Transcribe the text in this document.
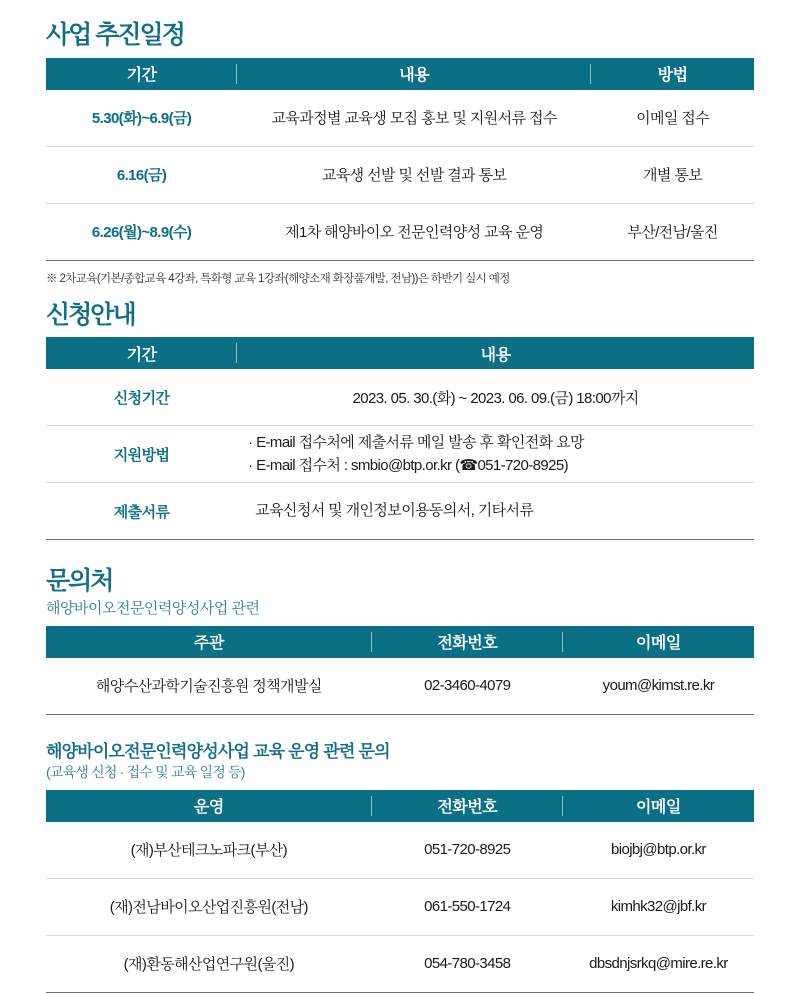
사업 추진일정
기간	내용	방법
5.30(화)~6.9(금)	교육과정별 교육생 모집 홍보 및 지원서류 접수	이메일 접수
6.16(금)	교육생 선발 및 선발 결과 통보	개별 통보
6.26(월)~8.9(수)	제1차 해양바이오 전문인력양성 교육 운영	부산/전남/울진
※ 2차교육(기본/종합교육 4강좌, 특화형 교육 1강좌(해양소재 화장품개발, 전남))은 하반기 실시 예정
신청안내
기간	내용
신청기간	2023. 05. 30.(화) ~ 2023. 06. 09.(금) 18:00까지
지원방법	· E-mail 접수처에 제출서류 메일 발송 후 확인전화 요망
· E-mail 접수처 : smbio@btp.or.kr (☎051-720-8925)

제출서류	교육신청서 및 개인정보이용동의서, 기타서류
문의처
해양바이오전문인력양성사업 관련
주관	전화번호	이메일
해양수산과학기술진흥원 정책개발실	02-3460-4079	youm@kimst.re.kr
해양바이오전문인력양성사업 교육 운영 관련 문의
(교육생 신청 · 접수 및 교육 일정 등)
운영	전화번호	이메일
(재)부산테크노파크(부산)	051-720-8925	biojbj@btp.or.kr
(재)전남바이오산업진흥원(전남)	061-550-1724	kimhk32@jbf.kr
(재)환동해산업연구원(울진)	054-780-3458	dbsdnjsrkq@mire.re.kr
